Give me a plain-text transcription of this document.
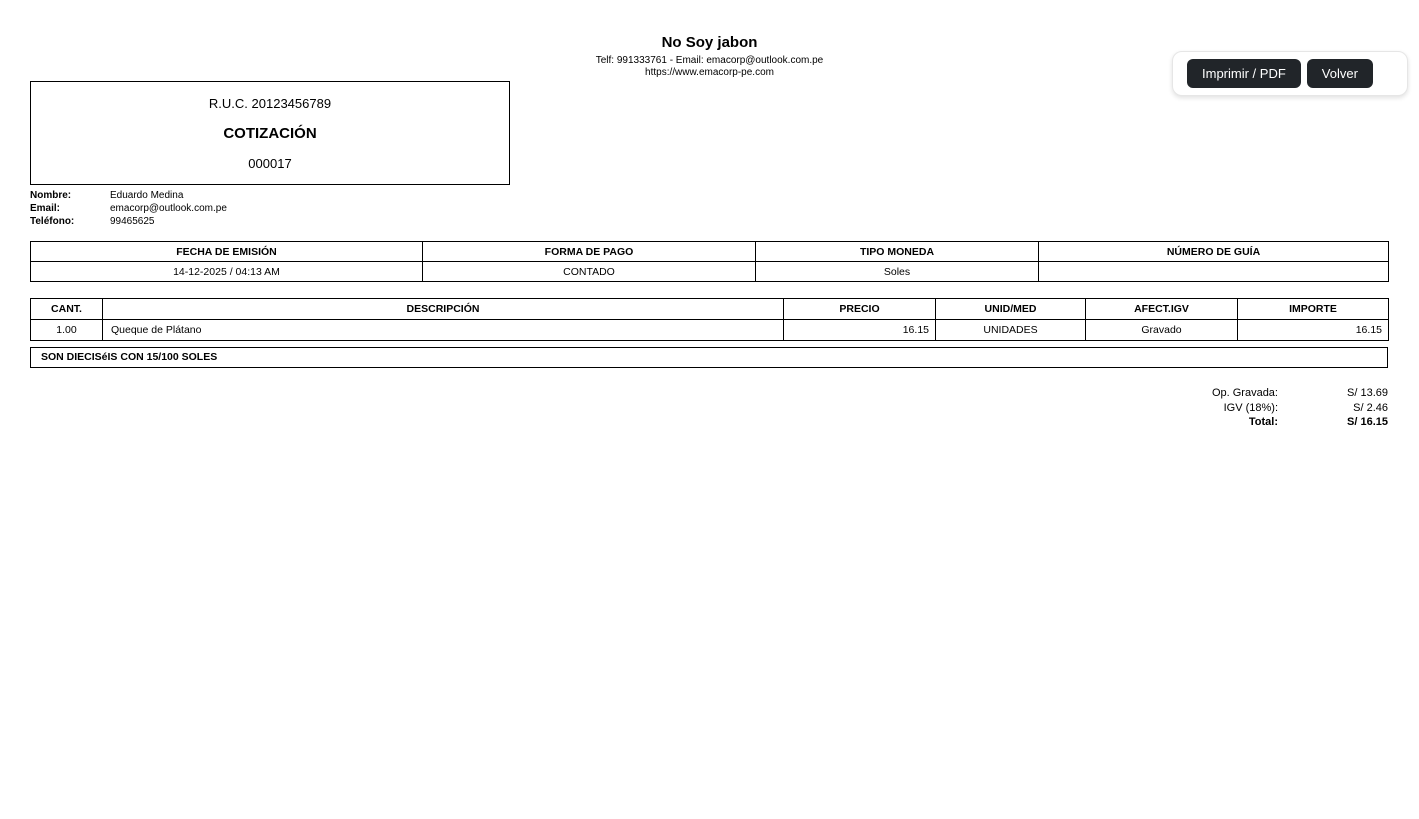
No Soy jabon
Telf: 991333761 - Email: emacorp@outlook.com.pe
https://www.emacorp-pe.com	Imprimir / PDF	Volver
R.U.C. 20123456789
COTIZACIÓN
000017
Nombre:	Eduardo Medina
Email:	emacorp@outlook.com.pe
Teléfono:	99465625
FECHA DE EMISIÓN	FORMA DE PAGO	TIPO MONEDA	NÚMERO DE GUÍA
14-12-2025 / 04:13 AM	CONTADO	Soles	
CANT.	DESCRIPCIÓN	PRECIO	UNID/MED	AFECT.IGV	IMPORTE
1.00	Queque de Plátano	16.15	UNIDADES	Gravado	16.15
SON DIECISéIS CON 15/100 SOLES
Op. Gravada:	S/ 13.69
IGV (18%):	S/ 2.46
Total:	S/ 16.15
